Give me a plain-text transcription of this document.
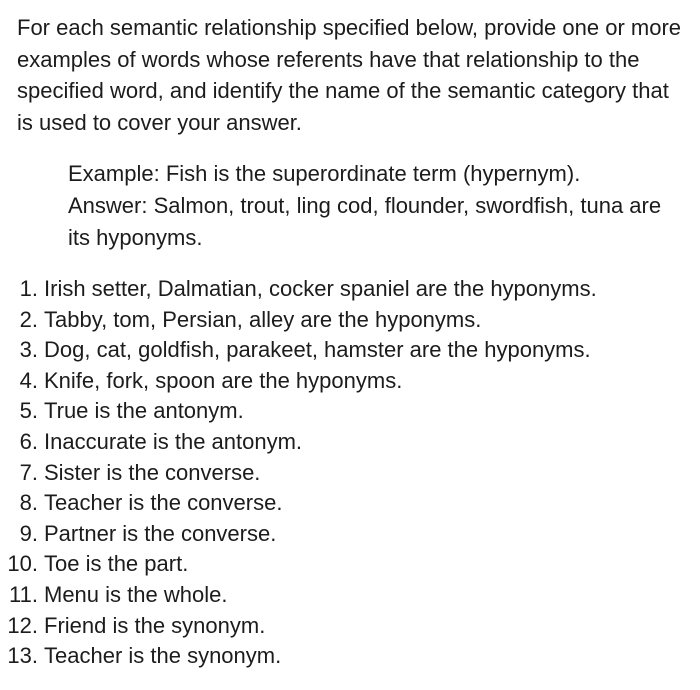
For each semantic relationship specified below, provide one or more examples of words whose referents have that relationship to the specified word, and identify the name of the semantic category that is used to cover your answer.

Example: Fish is the superordinate term (hypernym).

Answer: Salmon, trout, ling cod, flounder, swordfish, tuna are its hyponyms.

1. Irish setter, Dalmatian, cocker spaniel are the hyponyms.
2. Tabby, tom, Persian, alley are the hyponyms.
3. Dog, cat, goldfish, parakeet, hamster are the hyponyms.
4. Knife, fork, spoon are the hyponyms.
5. True is the antonym.
6. Inaccurate is the antonym.
7. Sister is the converse.
8. Teacher is the converse.
9. Partner is the converse.
10. Toe is the part.
11. Menu is the whole.
12. Friend is the synonym.
13. Teacher is the synonym.
